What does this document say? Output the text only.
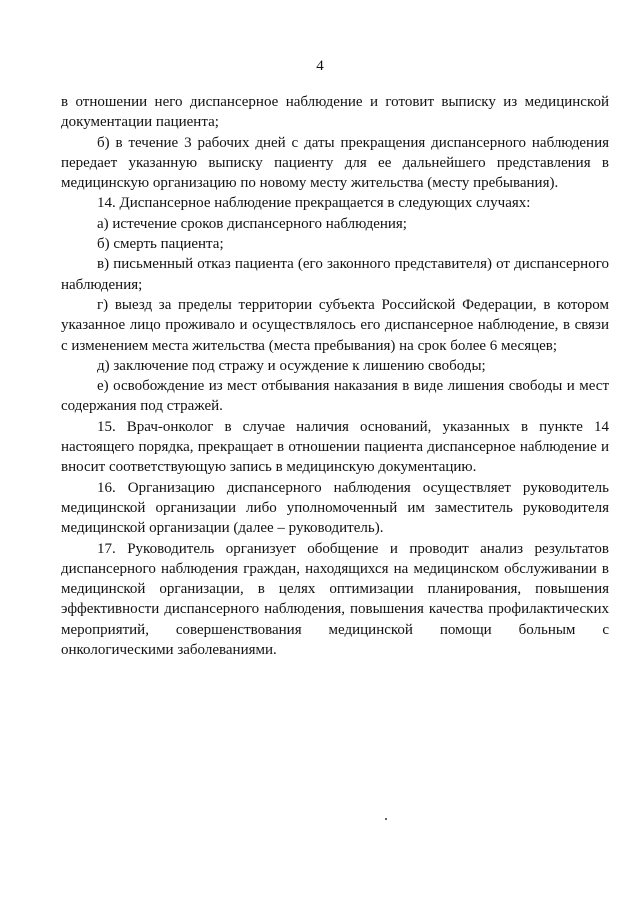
4

в отношении него диспансерное наблюдение и готовит выписку из медицинской документации пациента;

б) в течение 3 рабочих дней с даты прекращения диспансерного наблюдения передает указанную выписку пациенту для ее дальнейшего представления в медицинскую организацию по новому месту жительства (месту пребывания).

14. Диспансерное наблюдение прекращается в следующих случаях:

а) истечение сроков диспансерного наблюдения;

б) смерть пациента;

в) письменный отказ пациента (его законного представителя) от диспансерного наблюдения;

г) выезд за пределы территории субъекта Российской Федерации, в котором указанное лицо проживало и осуществлялось его диспансерное наблюдение, в связи с изменением места жительства (места пребывания) на срок более 6 месяцев;

д) заключение под стражу и осуждение к лишению свободы;

е) освобождение из мест отбывания наказания в виде лишения свободы и мест содержания под стражей.

15. Врач-онколог в случае наличия оснований, указанных в пункте 14 настоящего порядка, прекращает в отношении пациента диспансерное наблюдение и вносит соответствующую запись в медицинскую документацию.

16. Организацию диспансерного наблюдения осуществляет руководитель медицинской организации либо уполномоченный им заместитель руководителя медицинской организации (далее – руководитель).

17. Руководитель организует обобщение и проводит анализ результатов диспансерного наблюдения граждан, находящихся на медицинском обслуживании в медицинской организации, в целях оптимизации планирования, повышения эффективности диспансерного наблюдения, повышения качества профилактических мероприятий, совершенствования медицинской помощи больным с онкологическими заболеваниями.
